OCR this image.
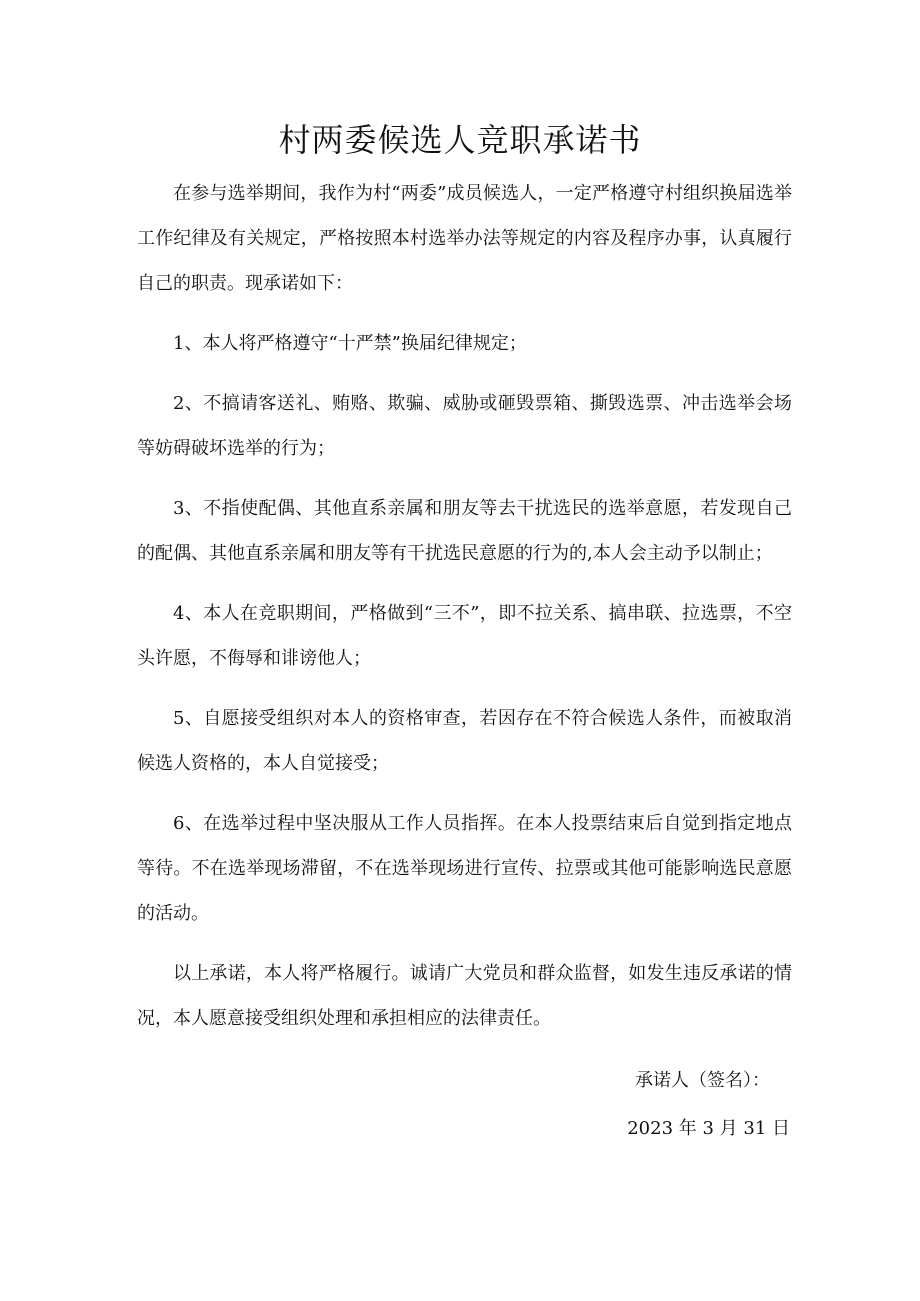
村两委候选人竞职承诺书

在参与选举期间，我作为村“两委”成员候选人，一定严格遵守村组织换届选举工作纪律及有关规定，严格按照本村选举办法等规定的内容及程序办事，认真履行自己的职责。现承诺如下：

1、本人将严格遵守“十严禁”换届纪律规定；

2、不搞请客送礼、贿赂、欺骗、威胁或砸毁票箱、撕毁选票、冲击选举会场等妨碍破坏选举的行为；

3、不指使配偶、其他直系亲属和朋友等去干扰选民的选举意愿，若发现自己的配偶、其他直系亲属和朋友等有干扰选民意愿的行为的,本人会主动予以制止；

4、本人在竞职期间，严格做到“三不”，即不拉关系、搞串联、拉选票，不空头许愿，不侮辱和诽谤他人；

5、自愿接受组织对本人的资格审查，若因存在不符合候选人条件，而被取消候选人资格的，本人自觉接受；

6、在选举过程中坚决服从工作人员指挥。在本人投票结束后自觉到指定地点等待。不在选举现场滞留，不在选举现场进行宣传、拉票或其他可能影响选民意愿的活动。

以上承诺，本人将严格履行。诚请广大党员和群众监督，如发生违反承诺的情况，本人愿意接受组织处理和承担相应的法律责任。

承诺人（签名）：
2023 年 3 月 31 日
